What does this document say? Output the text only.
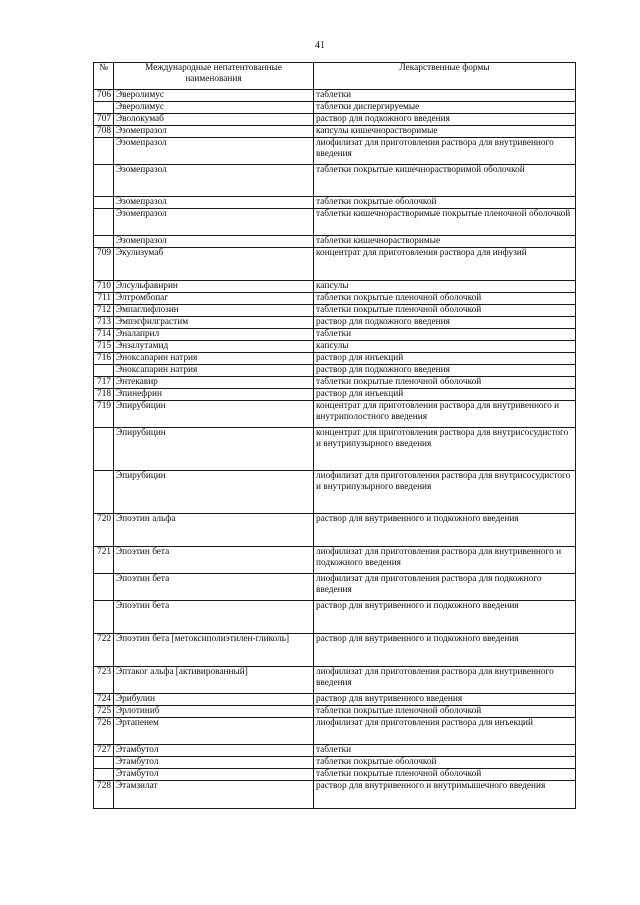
41
№	Международные непатентованные наименования	Лекарственные формы
706	Эверолимус	таблетки
	Эверолимус	таблетки диспергируемые
707	Эволокумаб	раствор для подкожного введения
708	Эзомепразол	капсулы кишечнорастворимые
	Эзомепразол	лиофилизат для приготовления раствора для внутривенного введения
	Эзомепразол	таблетки покрытые кишечнорастворимой оболочкой
	Эзомепразол	таблетки покрытые оболочкой
	Эзомепразол	таблетки кишечнорастворимые покрытые пленочной оболочкой
	Эзомепразол	таблетки кишечнорастворимые
709	Экулизумаб	концентрат для приготовления раствора для инфузий
710	Элсульфавирин	капсулы
711	Элтромбопаг	таблетки покрытые пленочной оболочкой
712	Эмпаглифлозин	таблетки покрытые пленочной оболочкой
713	Эмпэгфилграстим	раствор для подкожного введения
714	Эналаприл	таблетки
715	Энзалутамид	капсулы
716	Эноксапарин натрия	раствор для инъекций
	Эноксапарин натрия	раствор для подкожного введения
717	Энтекавир	таблетки покрытые пленочной оболочкой
718	Эпинефрин	раствор для инъекций
719	Эпирубицин	концентрат для приготовления раствора для внутривенного и внутриполостного введения
	Эпирубицин	концентрат для приготовления раствора для внутрисосудистого и внутрипузырного введения
	Эпирубицин	лиофилизат для приготовления раствора для внутрисосудистого и внутрипузырного введения
720	Эпоэтин альфа	раствор для внутривенного и подкожного введения
721	Эпоэтин бета	лиофилизат для приготовления раствора для внутривенного и подкожного введения
	Эпоэтин бета	лиофилизат для приготовления раствора для подкожного введения
	Эпоэтин бета	раствор для внутривенного и подкожного введения
722	Эпоэтин бета [метоксиполиэтилен-гликоль]	раствор для внутривенного и подкожного введения
723	Эптаког альфа [активированный]	лиофилизат для приготовления раствора для внутривенного введения
724	Эрибулин	раствор для внутривенного введения
725	Эрлотиниб	таблетки покрытые пленочной оболочкой
726	Эртапенем	лиофилизат для приготовления раствора для инъекций
727	Этамбутол	таблетки
	Этамбутол	таблетки покрытые оболочкой
	Этамбутол	таблетки покрытые пленочной оболочкой
728	Этамзилат	раствор для внутривенного и внутримышечного введения
